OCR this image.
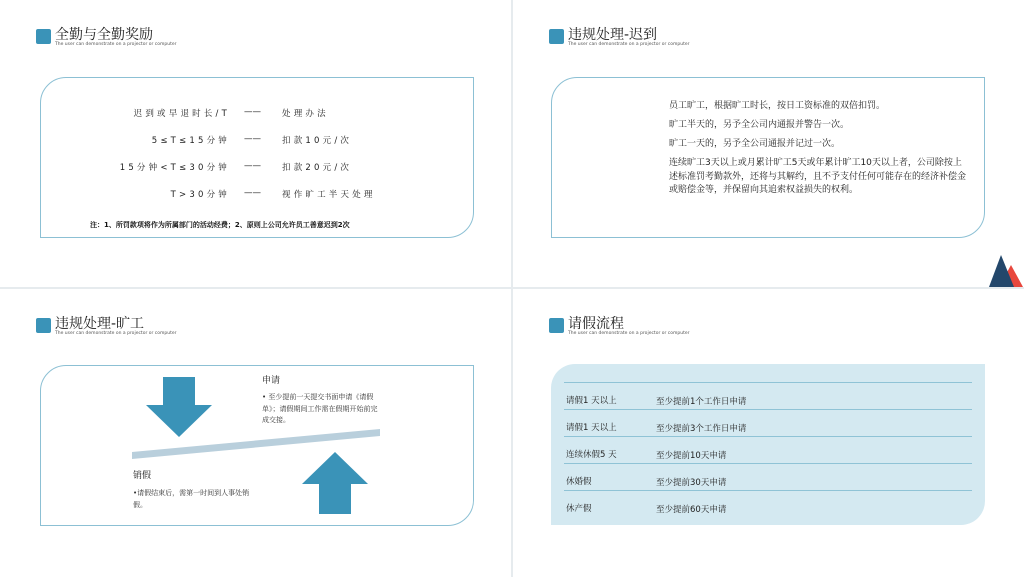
全勤与全勤奖励
The user can demonstrate on a projector or computer
迟到或早退时长/T —— 处理办法
5≤T≤15分钟 —— 扣款10元/次
15分钟<T≤30分钟 —— 扣款20元/次
T>30分钟 —— 视作旷工半天处理
注：1、所罚款项将作为所属部门的活动经费；2、原则上公司允许员工善意迟到2次
违规处理-迟到
The user can demonstrate on a projector or computer
员工旷工，根据旷工时长，按日工资标准的双倍扣罚。
旷工半天的，另予全公司内通报并警告一次。
旷工一天的，另予全公司通报并记过一次。
连续旷工3天以上或月累计旷工5天或年累计旷工10天以上者，公司除按上述标准罚考勤款外，还将与其解约，且不予支付任何可能存在的经济补偿金或赔偿金等，并保留向其追索权益损失的权利。
违规处理-旷工
The user can demonstrate on a projector or computer
申请
• 至少提前一天提交书面申请《请假单》；请假期间工作需在假期开始前完成交接。
销假
•请假结束后，需第一时间到人事处销假。
请假流程
The user can demonstrate on a projector or computer
请假1 天以上	至少提前1个工作日申请
请假1 天以上	至少提前3个工作日申请
连续休假5 天	至少提前10天申请
休婚假	至少提前30天申请
休产假	至少提前60天申请
